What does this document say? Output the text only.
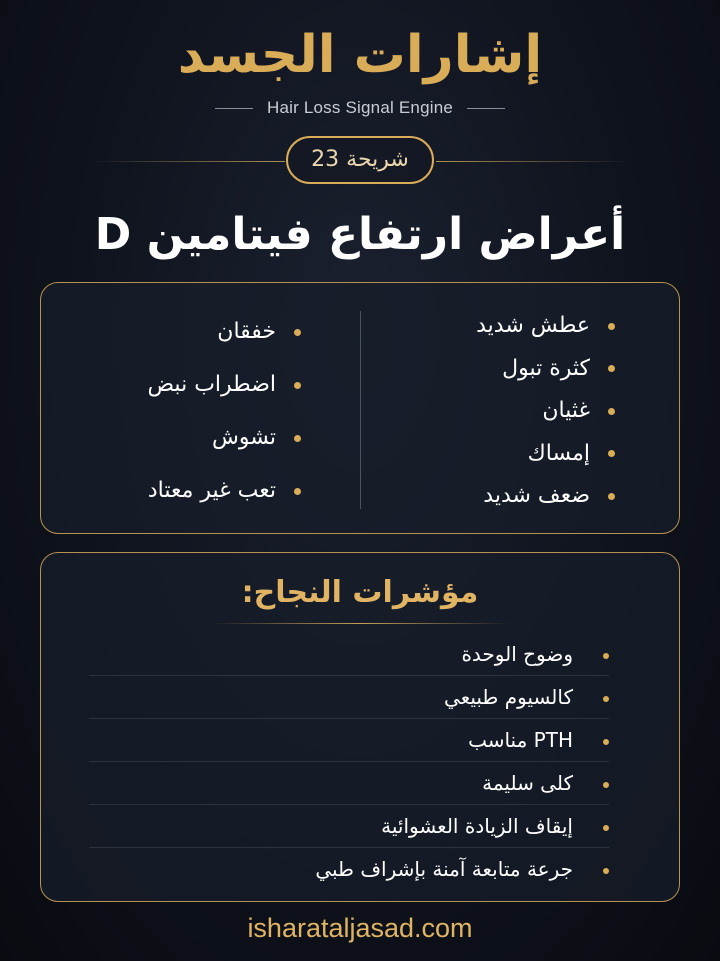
إشارات الجسد
Hair Loss Signal Engine
شريحة 23
أعراض ارتفاع فيتامين D
عطش شديد
كثرة تبول
غثيان
إمساك
ضعف شديد
خفقان
اضطراب نبض
تشوش
تعب غير معتاد
مؤشرات النجاح:
وضوح الوحدة
كالسيوم طبيعي
PTH مناسب
كلى سليمة
إيقاف الزيادة العشوائية
جرعة متابعة آمنة بإشراف طبي
isharataljasad.com
